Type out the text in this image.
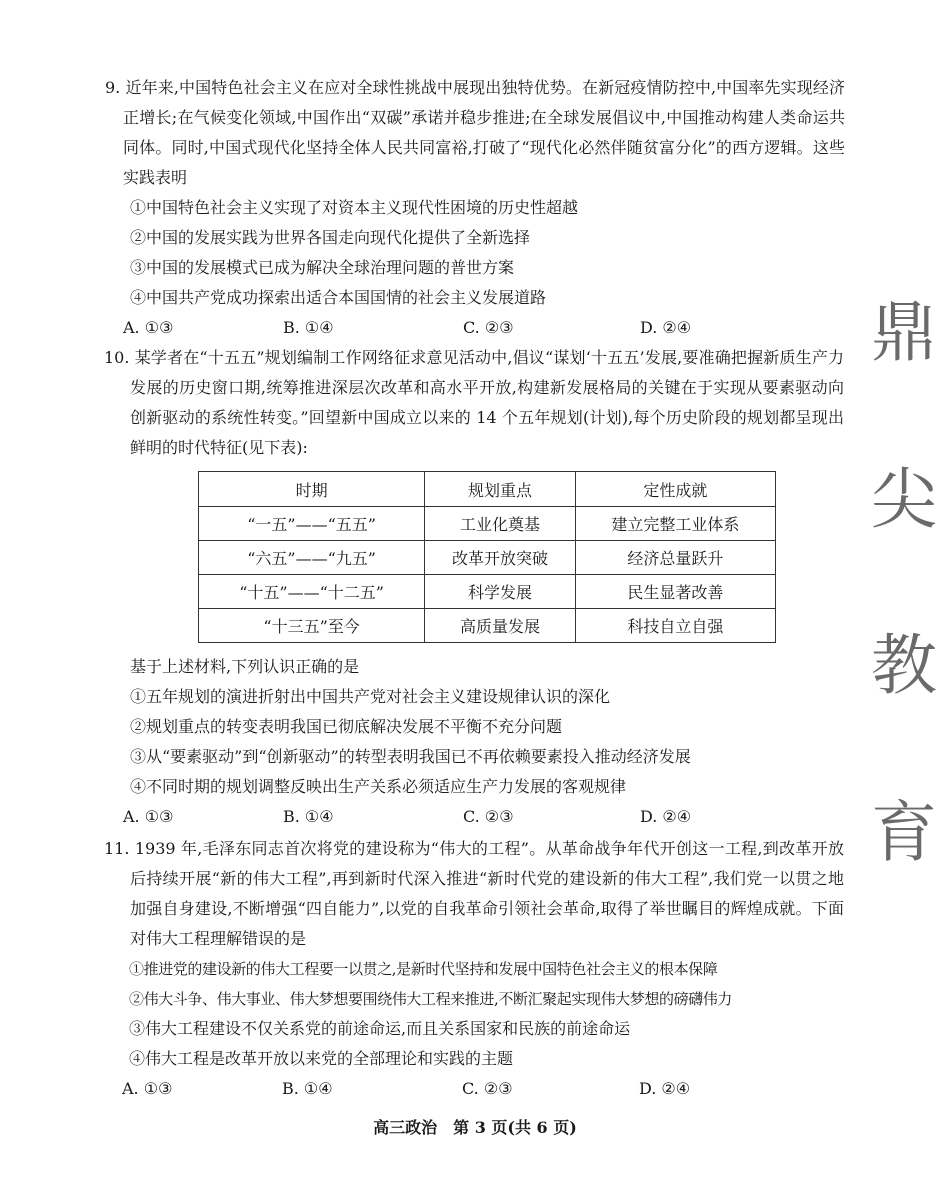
9. 近年来,中国特色社会主义在应对全球性挑战中展现出独特优势。在新冠疫情防控中,中国率先实现经济正增长;在气候变化领域,中国作出“双碳”承诺并稳步推进;在全球发展倡议中,中国推动构建人类命运共同体。同时,中国式现代化坚持全体人民共同富裕,打破了“现代化必然伴随贫富分化”的西方逻辑。这些实践表明

①中国特色社会主义实现了对资本主义现代性困境的历史性超越

②中国的发展实践为世界各国走向现代化提供了全新选择

③中国的发展模式已成为解决全球治理问题的普世方案

④中国共产党成功探索出适合本国国情的社会主义发展道路

A. ①③	B. ①④	C. ②③	D. ②④

10. 某学者在“十五五”规划编制工作网络征求意见活动中,倡议“谋划‘十五五’发展,要准确把握新质生产力发展的历史窗口期,统筹推进深层次改革和高水平开放,构建新发展格局的关键在于实现从要素驱动向创新驱动的系统性转变。”回望新中国成立以来的 14 个五年规划(计划),每个历史阶段的规划都呈现出鲜明的时代特征(见下表):

时期	规划重点	定性成就
“一五”——“五五”	工业化奠基	建立完整工业体系
“六五”——“九五”	改革开放突破	经济总量跃升
“十五”——“十二五”	科学发展	民生显著改善
“十三五”至今	高质量发展	科技自立自强

基于上述材料,下列认识正确的是

①五年规划的演进折射出中国共产党对社会主义建设规律认识的深化

②规划重点的转变表明我国已彻底解决发展不平衡不充分问题

③从“要素驱动”到“创新驱动”的转型表明我国已不再依赖要素投入推动经济发展

④不同时期的规划调整反映出生产关系必须适应生产力发展的客观规律

A. ①③	B. ①④	C. ②③	D. ②④

11. 1939 年,毛泽东同志首次将党的建设称为“伟大的工程”。从革命战争年代开创这一工程,到改革开放后持续开展“新的伟大工程”,再到新时代深入推进“新时代党的建设新的伟大工程”,我们党一以贯之地加强自身建设,不断增强“四自能力”,以党的自我革命引领社会革命,取得了举世瞩目的辉煌成就。下面对伟大工程理解错误的是

①推进党的建设新的伟大工程要一以贯之,是新时代坚持和发展中国特色社会主义的根本保障

②伟大斗争、伟大事业、伟大梦想要围绕伟大工程来推进,不断汇聚起实现伟大梦想的磅礴伟力

③伟大工程建设不仅关系党的前途命运,而且关系国家和民族的前途命运

④伟大工程是改革开放以来党的全部理论和实践的主题

A. ①③	B. ①④	C. ②③	D. ②④
鼎
尖
教
育
高三政治　第 3 页(共 6 页)
